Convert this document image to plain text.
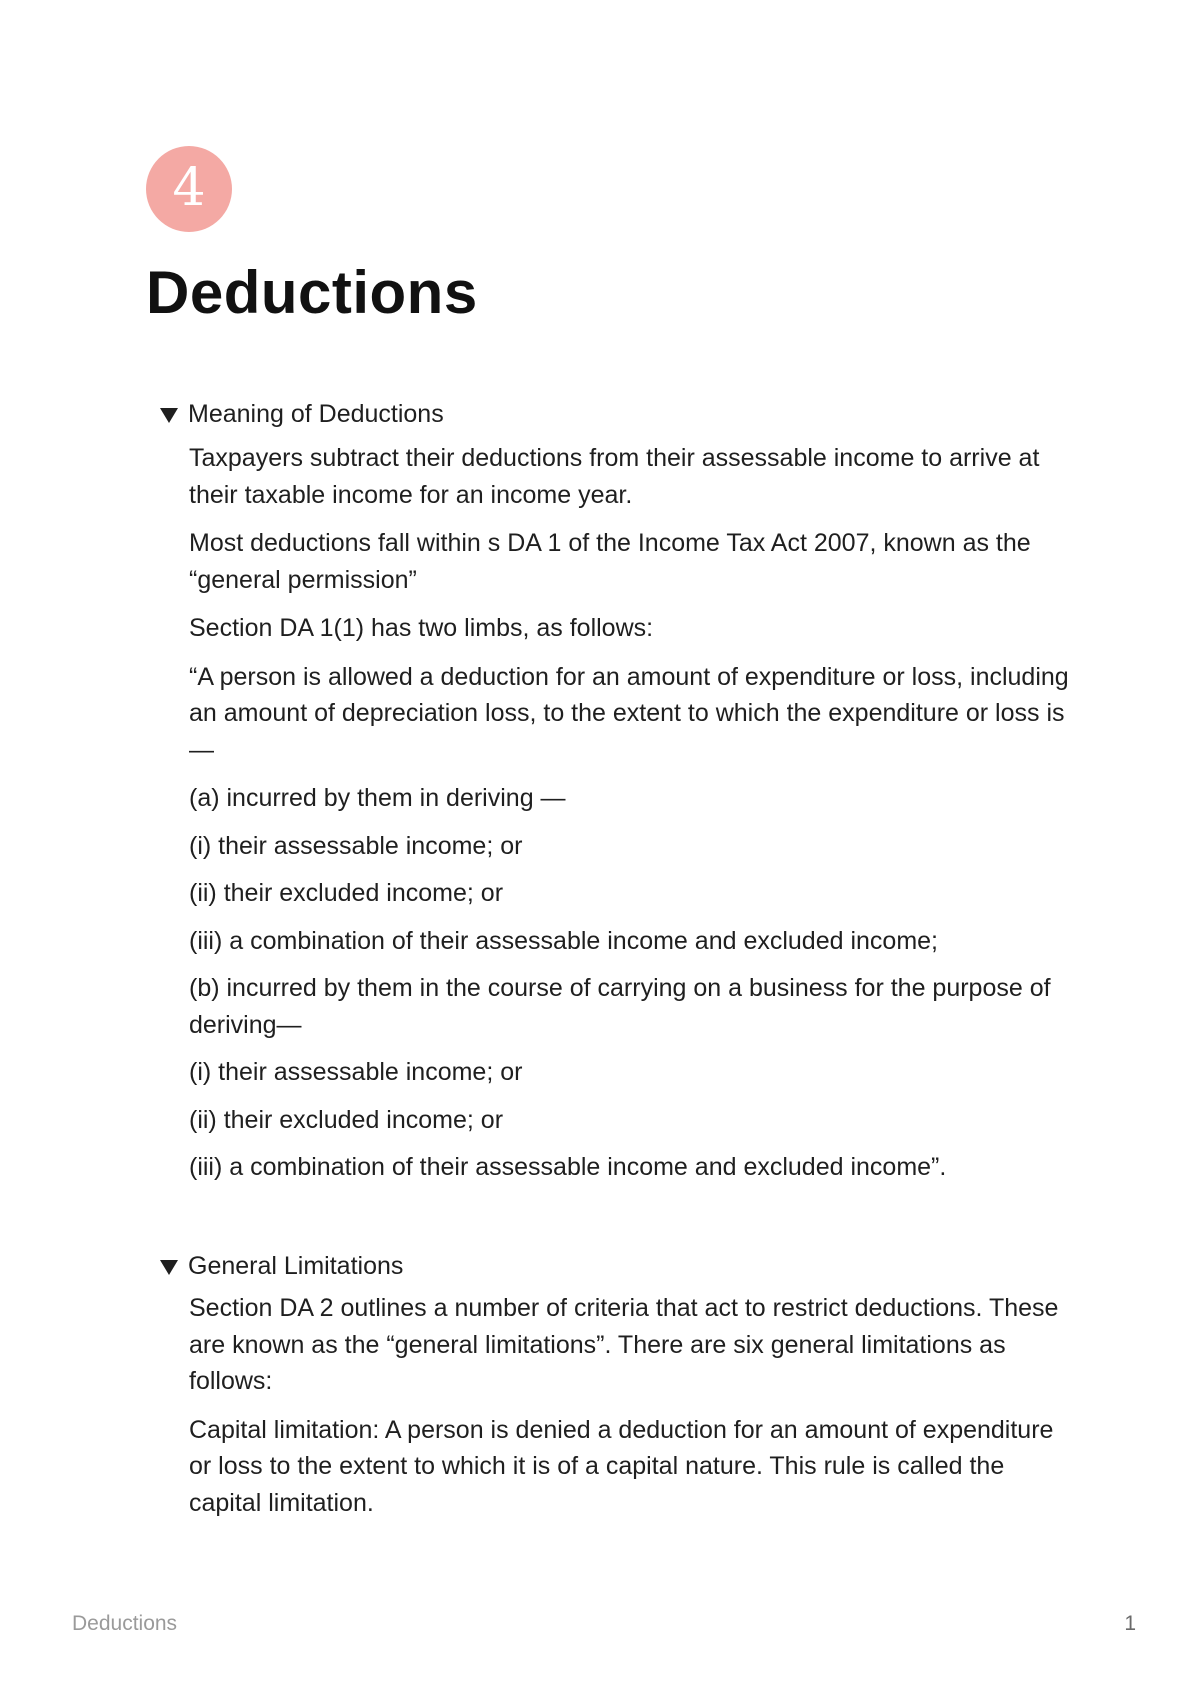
4
Deductions
Meaning of Deductions

Taxpayers subtract their deductions from their assessable income to arrive at their taxable income for an income year.

Most deductions fall within s DA 1 of the Income Tax Act 2007, known as the “general permission”

Section DA 1(1) has two limbs, as follows:

“A person is allowed a deduction for an amount of expenditure or loss, including an amount of depreciation loss, to the extent to which the expenditure or loss is —

(a) incurred by them in deriving —

(i) their assessable income; or

(ii) their excluded income; or

(iii) a combination of their assessable income and excluded income;

(b) incurred by them in the course of carrying on a business for the purpose of deriving—

(i) their assessable income; or

(ii) their excluded income; or

(iii) a combination of their assessable income and excluded income”.

General Limitations

Section DA 2 outlines a number of criteria that act to restrict deductions. These are known as the “general limitations”. There are six general limitations as follows:

Capital limitation: A person is denied a deduction for an amount of expenditure or loss to the extent to which it is of a capital nature. This rule is called the capital limitation.

Deductions	1
